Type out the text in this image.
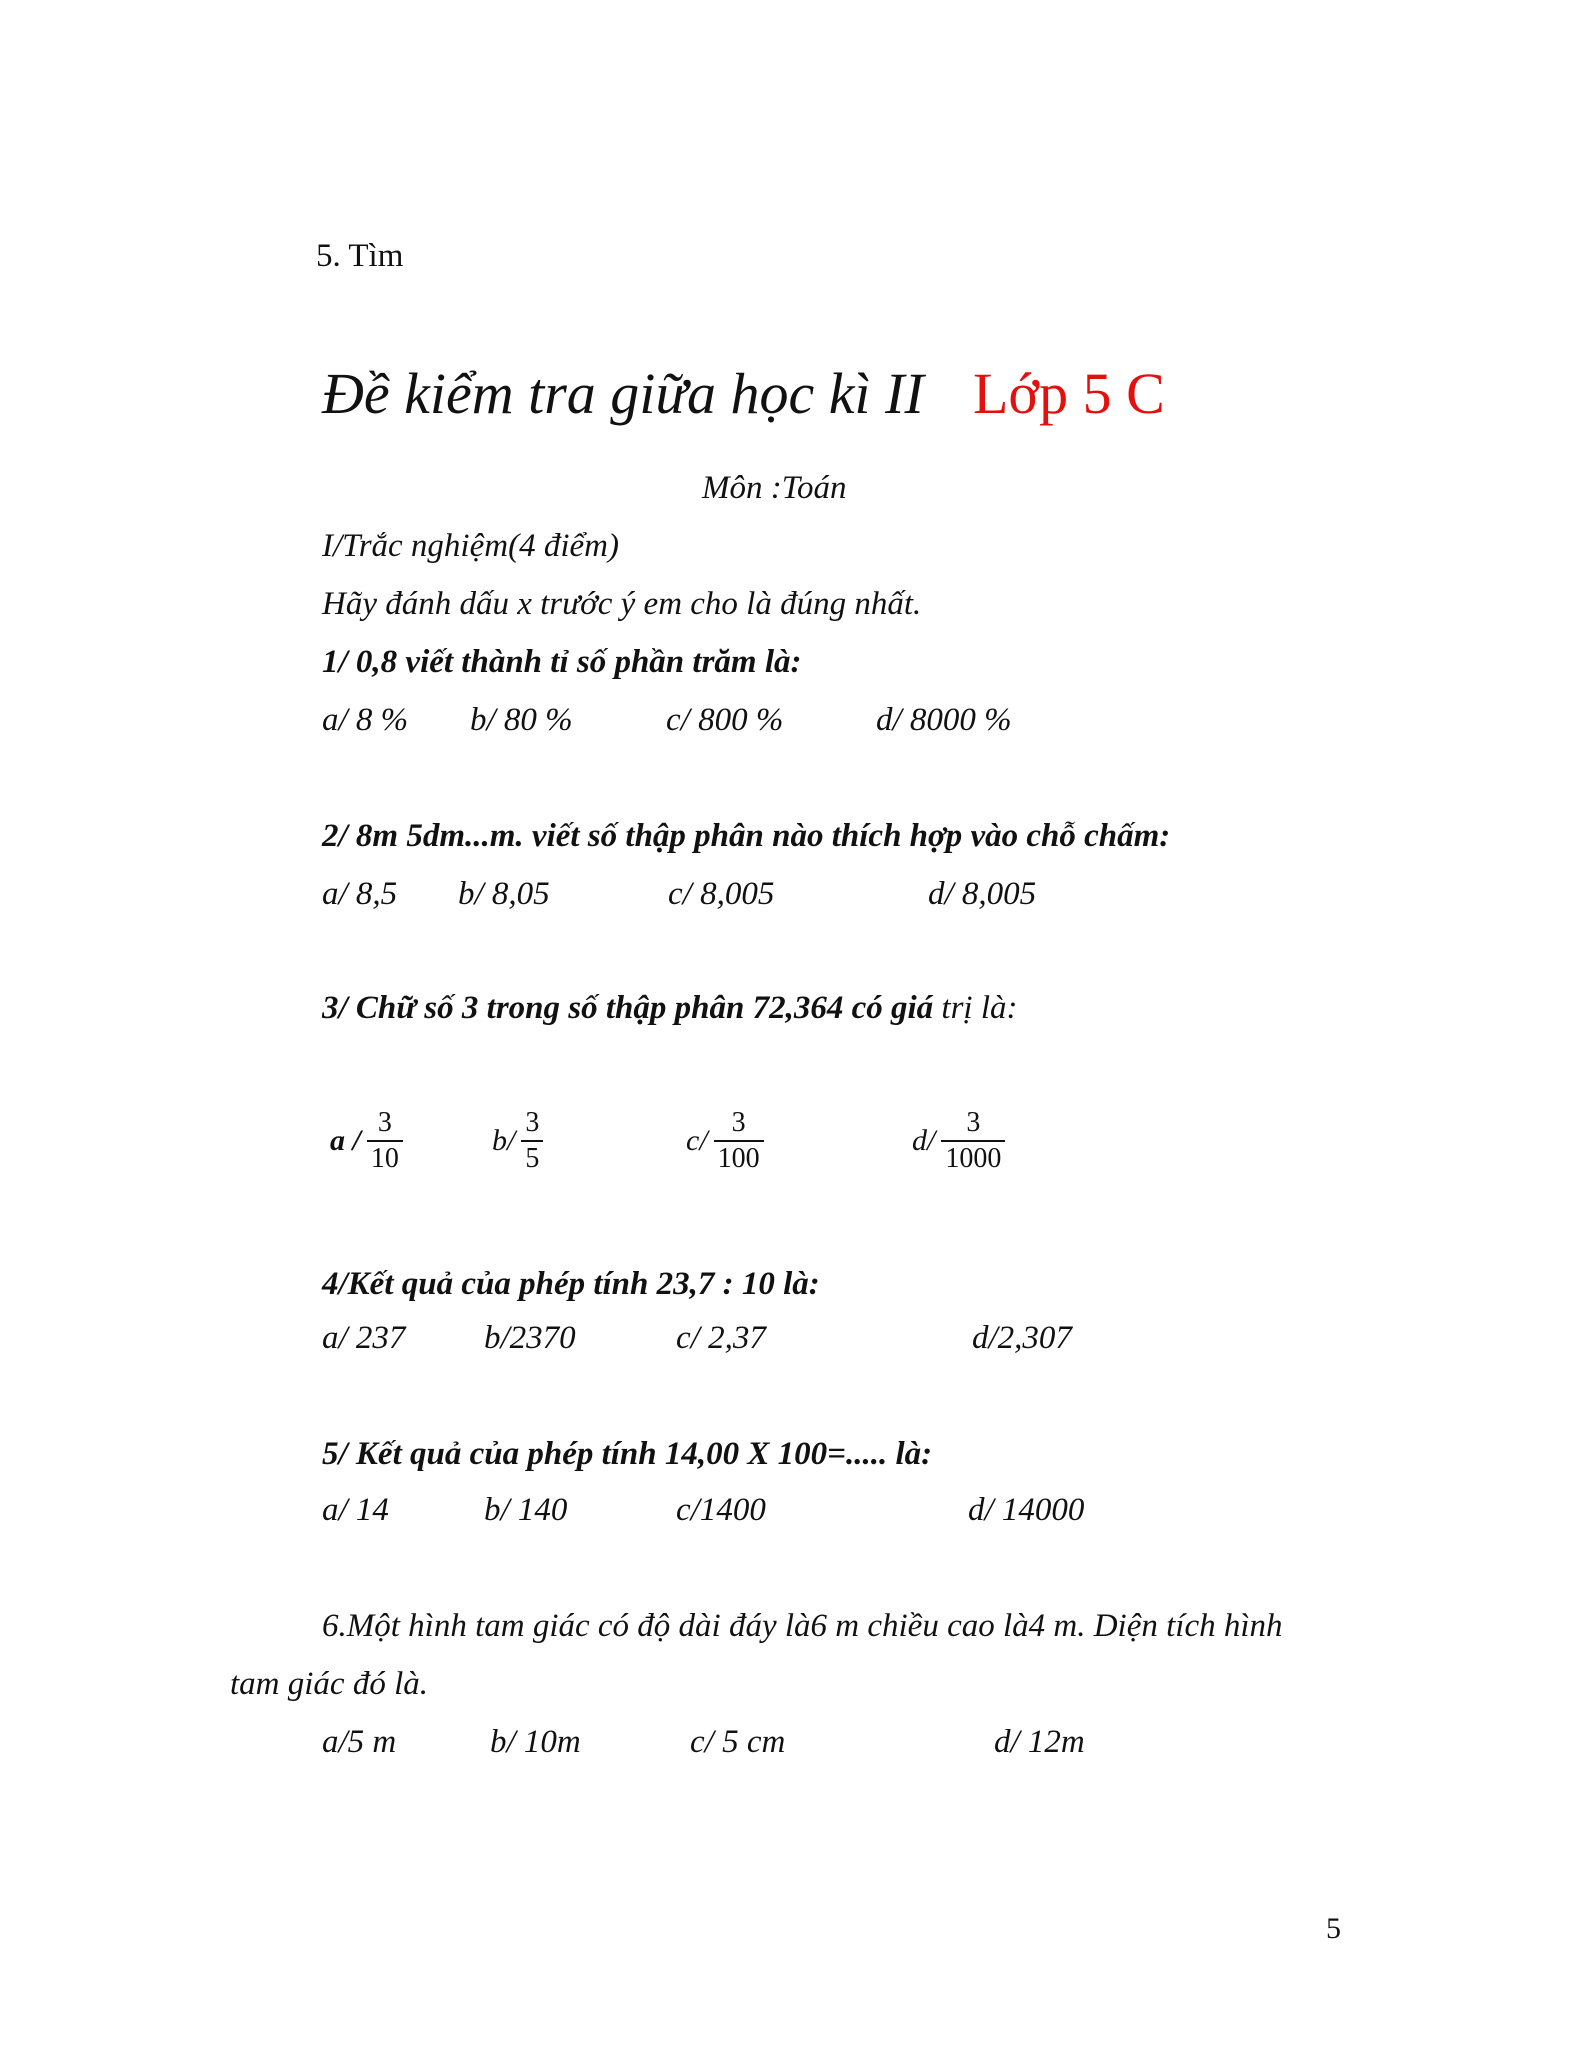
5. Tìm
Đề kiểm tra giữa học kì II Lớp 5 C
Môn :Toán
I/Trắc nghiệm(4 điểm)
Hãy đánh dấu x trước ý em cho là đúng nhất.
1/ 0,8 viết thành tỉ số phần trăm là:
a/ 8 % b/ 80 %	c/ 800 %	d/ 8000 %
2/ 8m 5dm...m. viết số thập phân nào thích hợp vào chỗ chấm:
a/ 8,5 b/ 8,05	c/ 8,005	d/ 8,005
3/ Chữ số 3 trong số thập phân 72,364 có giá trị là:
a / $\frac{3}{10}$	$b/ \frac{3}{5}$	$c/ \frac{3}{100}$	$d/ \frac{3}{1000}$
4/Kết quả của phép tính 23,7 : 10 là:
a/ 237 b/2370	c/ 2,37	d/2,307
5/ Kết quả của phép tính 14,00 X 100=..... là:
a/ 14	b/ 140	c/1400	d/ 14000
6.Một hình tam giác có độ dài đáy là6 m chiều cao là4 m. Diện tích hình
tam giác đó là.
a/5 m	b/ 10m	c/ 5 cm	d/ 12m
5
